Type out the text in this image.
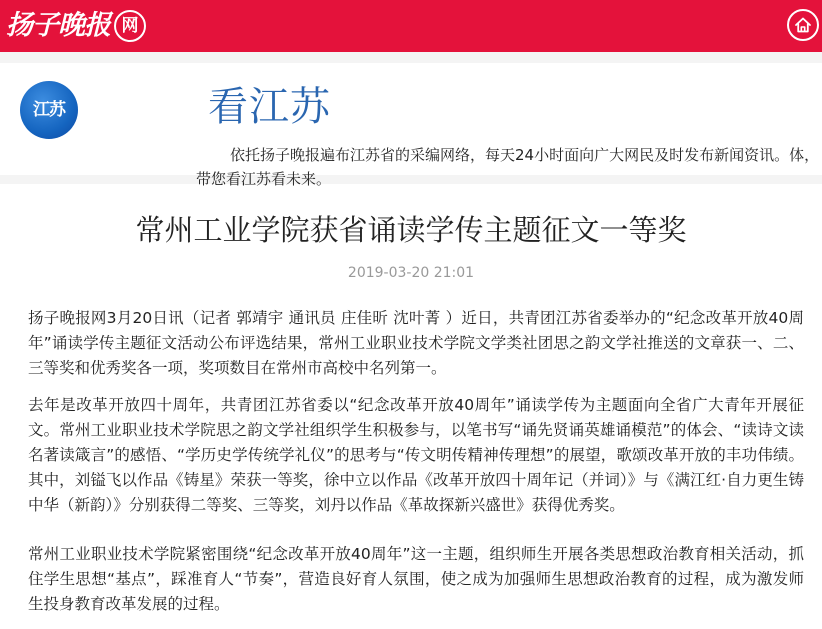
扬子晚报 网
江苏	看江苏
依托扬子晚报遍布江苏省的采编网络，每天24小时面向广大网民及时发布新闻资讯。体，带您看江苏看未来。
常州工业学院获省诵读学传主题征文一等奖
2019-03-20 21:01

扬子晚报网3月20日讯（记者 郭靖宇 通讯员 庄佳昕 沈叶菁 ）近日，共青团江苏省委举办的“纪念改革开放40周年”诵读学传主题征文活动公布评选结果，常州工业职业技术学院文学类社团思之韵文学社推送的文章获一、二、三等奖和优秀奖各一项，奖项数目在常州市高校中名列第一。

去年是改革开放四十周年，共青团江苏省委以“纪念改革开放40周年”诵读学传为主题面向全省广大青年开展征文。常州工业职业技术学院思之韵文学社组织学生积极参与，以笔书写“诵先贤诵英雄诵模范”的体会、“读诗文读名著读箴言”的感悟、“学历史学传统学礼仪”的思考与“传文明传精神传理想”的展望，歌颂改革开放的丰功伟绩。其中，刘镒飞以作品《铸星》荣获一等奖，徐中立以作品《改革开放四十周年记（并词）》与《满江红·自力更生铸中华（新韵）》分别获得二等奖、三等奖，刘丹以作品《革故探新兴盛世》获得优秀奖。

常州工业职业技术学院紧密围绕“纪念改革开放40周年”这一主题，组织师生开展各类思想政治教育相关活动，抓住学生思想“基点”，踩准育人“节奏”，营造良好育人氛围，使之成为加强师生思想政治教育的过程，成为激发师生投身教育改革发展的过程。
